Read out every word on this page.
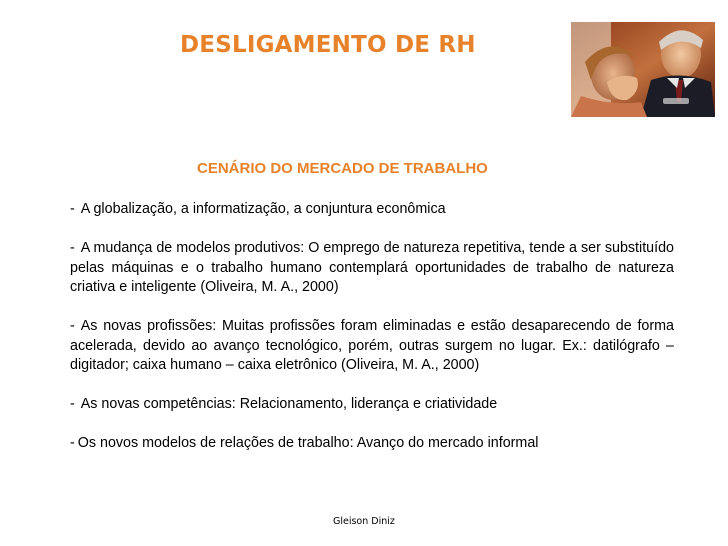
DESLIGAMENTO DE RH
CENÁRIO DO MERCADO DE TRABALHO

- A globalização, a informatização, a conjuntura econômica

- A mudança de modelos produtivos: O emprego de natureza repetitiva, tende a ser substituído pelas máquinas e o trabalho humano contemplará oportunidades de trabalho de natureza criativa e inteligente (Oliveira, M. A., 2000)

- As novas profissões: Muitas profissões foram eliminadas e estão desaparecendo de forma acelerada, devido ao avanço tecnológico, porém, outras surgem no lugar. Ex.: datilógrafo – digitador; caixa humano – caixa eletrônico (Oliveira, M. A., 2000)

- As novas competências: Relacionamento, liderança e criatividade

- Os novos modelos de relações de trabalho: Avanço do mercado informal

Gleison Diniz
